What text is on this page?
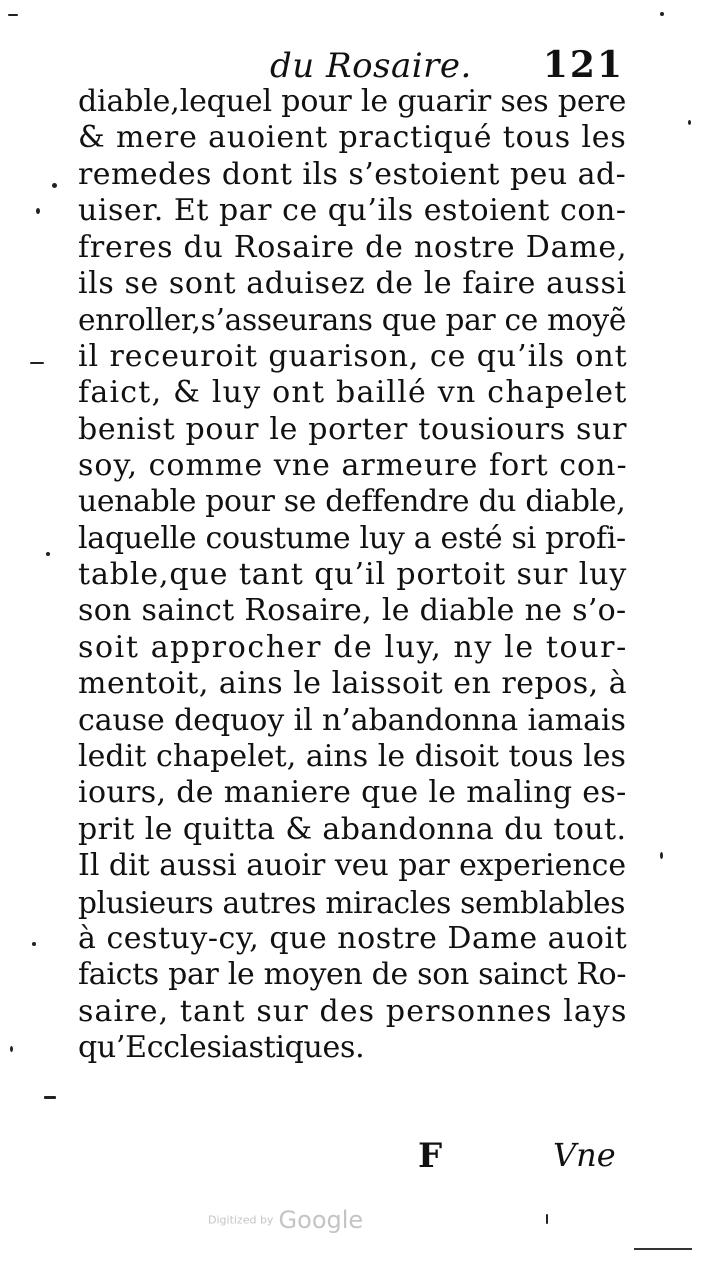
du Rosaire. 121
diable,lequel pour le guarir ses pere
& mere auoient practiqué tous les
remedes dont ils s’estoient peu ad-
uiser. Et par ce qu’ils estoient con-
freres du Rosaire de nostre Dame,
ils se sont aduisez de le faire aussi
enroller,s’asseurans que par ce moyẽ
il receuroit guarison, ce qu’ils ont
faict, & luy ont baillé vn chapelet
benist pour le porter tousiours sur
soy, comme vne armeure fort con-
uenable pour se deffendre du diable,
laquelle coustume luy a esté si profi-
table,que tant qu’il portoit sur luy
son sainct Rosaire, le diable ne s’o-
soit approcher de luy, ny le tour-
mentoit, ains le laissoit en repos, à
cause dequoy il n’abandonna iamais
ledit chapelet, ains le disoit tous les
iours, de maniere que le maling es-
prit le quitta & abandonna du tout.
Il dit aussi auoir veu par experience
plusieurs autres miracles semblables
à cestuy-cy, que nostre Dame auoit
faicts par le moyen de son sainct Ro-
saire, tant sur des personnes lays
qu’Ecclesiastiques.
F	Vne
Digitized by Google
